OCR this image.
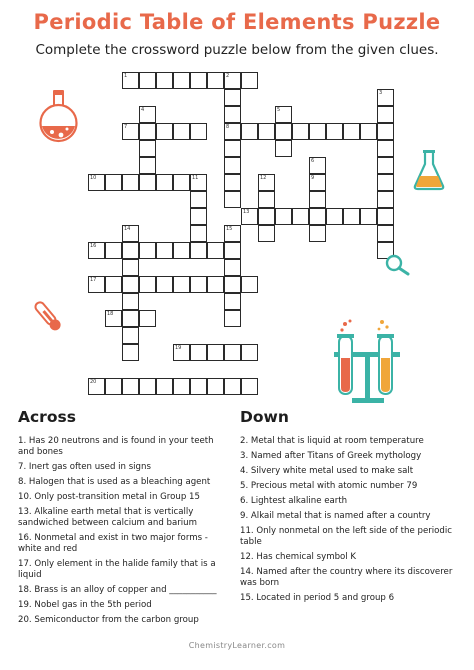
Periodic Table of Elements Puzzle
Complete the crossword puzzle below from the given clues.
1	2
3
4	5
6
7	8
9
10	11	12
13
14	15
16
17
18
19
20
Across
1. Has 20 neutrons and is found in your teeth and bones
7. Inert gas often used in signs
8. Halogen that is used as a bleaching agent
10. Only post-transition metal in Group 15
13. Alkaline earth metal that is vertically sandwiched between calcium and barium
16. Nonmetal and exist in two major forms - white and red
17. Only element in the halide family that is a liquid
18. Brass is an alloy of copper and ___________
19. Nobel gas in the 5th period
20. Semiconductor from the carbon group
Down
2. Metal that is liquid at room temperature
3. Named after Titans of Greek mythology
4. Silvery white metal used to make salt
5. Precious metal with atomic number 79
6. Lightest alkaline earth
9. Alkail metal that is named after a country
11. Only nonmetal on the left side of the periodic table
12. Has chemical symbol K
14. Named after the country where its discoverer was born
15. Located in period 5 and group 6
ChemistryLearner.com
